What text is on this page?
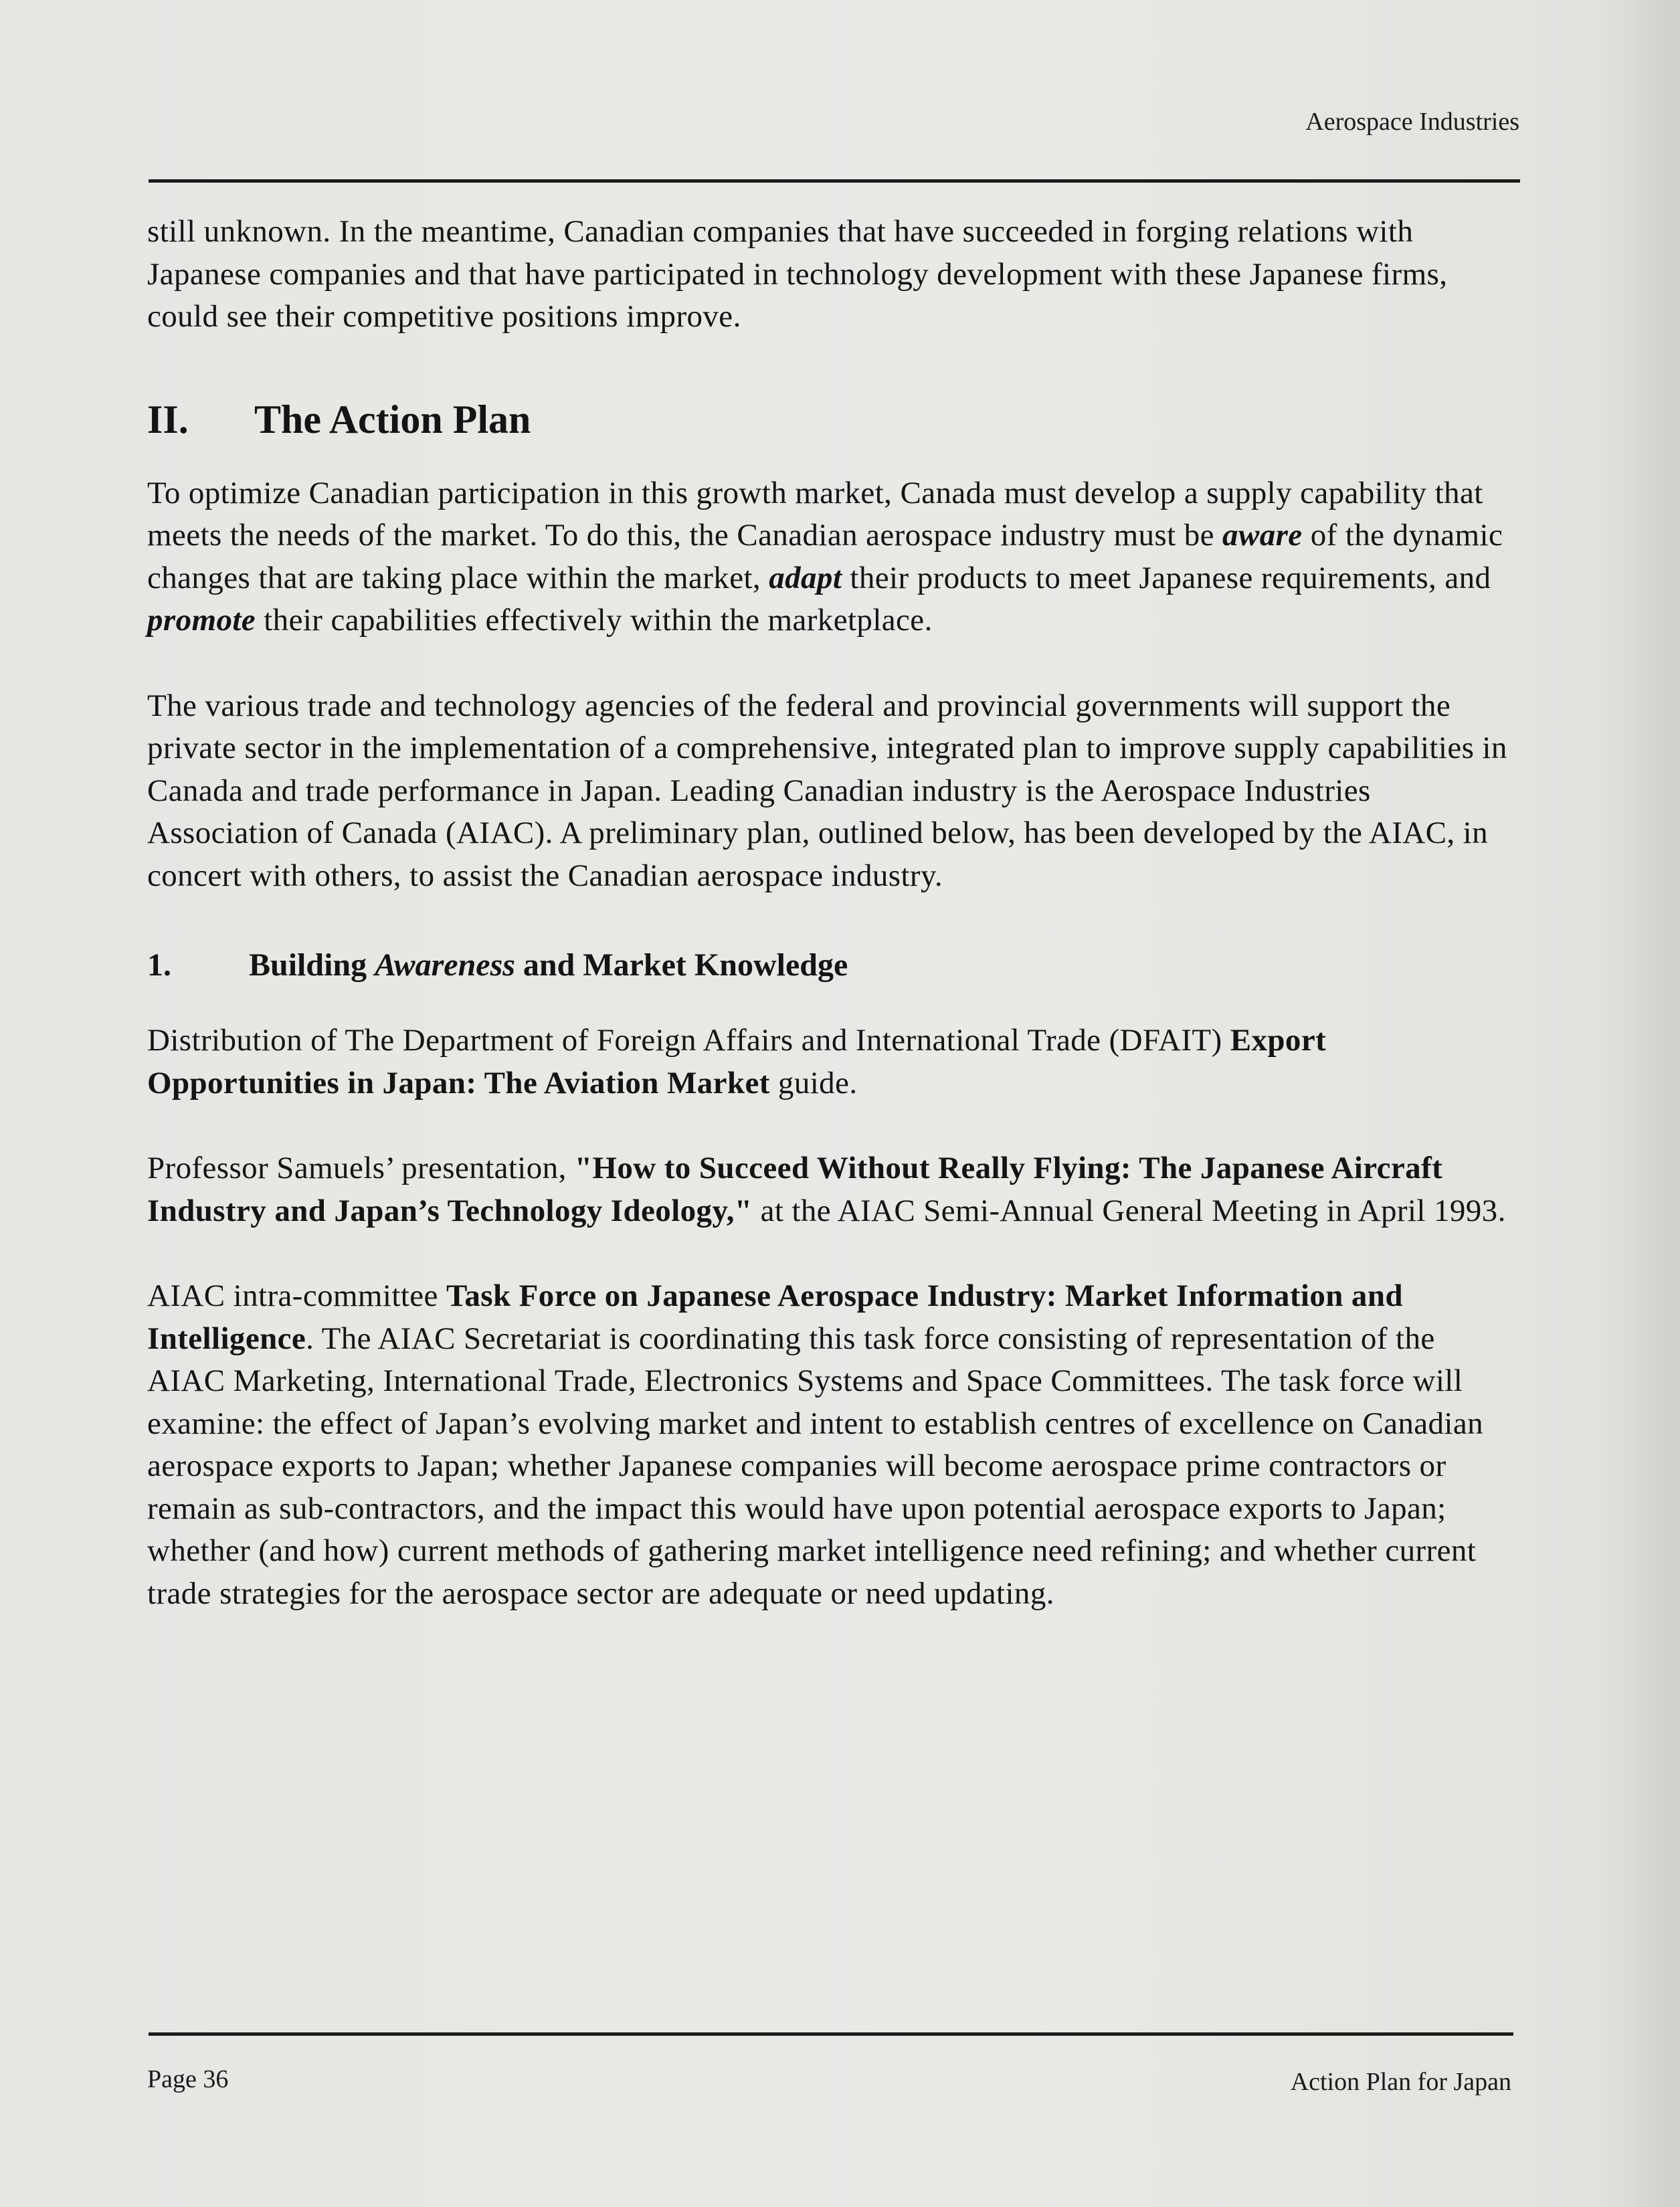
Aerospace Industries

still unknown. In the meantime, Canadian companies that have succeeded in forging relations with Japanese companies and that have participated in technology development with these Japanese firms, could see their competitive positions improve.

II. The Action Plan

To optimize Canadian participation in this growth market, Canada must develop a supply capability that meets the needs of the market. To do this, the Canadian aerospace industry must be aware of the dynamic changes that are taking place within the market, adapt their products to meet Japanese requirements, and promote their capabilities effectively within the marketplace.

The various trade and technology agencies of the federal and provincial governments will support the private sector in the implementation of a comprehensive, integrated plan to improve supply capabilities in Canada and trade performance in Japan. Leading Canadian industry is the Aerospace Industries Association of Canada (AIAC). A preliminary plan, outlined below, has been developed by the AIAC, in concert with others, to assist the Canadian aerospace industry.

1. Building Awareness and Market Knowledge

Distribution of The Department of Foreign Affairs and International Trade (DFAIT) Export Opportunities in Japan: The Aviation Market guide.

Professor Samuels’ presentation, "How to Succeed Without Really Flying: The Japanese Aircraft Industry and Japan’s Technology Ideology," at the AIAC Semi-Annual General Meeting in April 1993.

AIAC intra-committee Task Force on Japanese Aerospace Industry: Market Information and Intelligence. The AIAC Secretariat is coordinating this task force consisting of representation of the AIAC Marketing, International Trade, Electronics Systems and Space Committees. The task force will examine: the effect of Japan’s evolving market and intent to establish centres of excellence on Canadian aerospace exports to Japan; whether Japanese companies will become aerospace prime contractors or remain as sub-contractors, and the impact this would have upon potential aerospace exports to Japan; whether (and how) current methods of gathering market intelligence need refining; and whether current trade strategies for the aerospace sector are adequate or need updating.

Page 36	Action Plan for Japan
